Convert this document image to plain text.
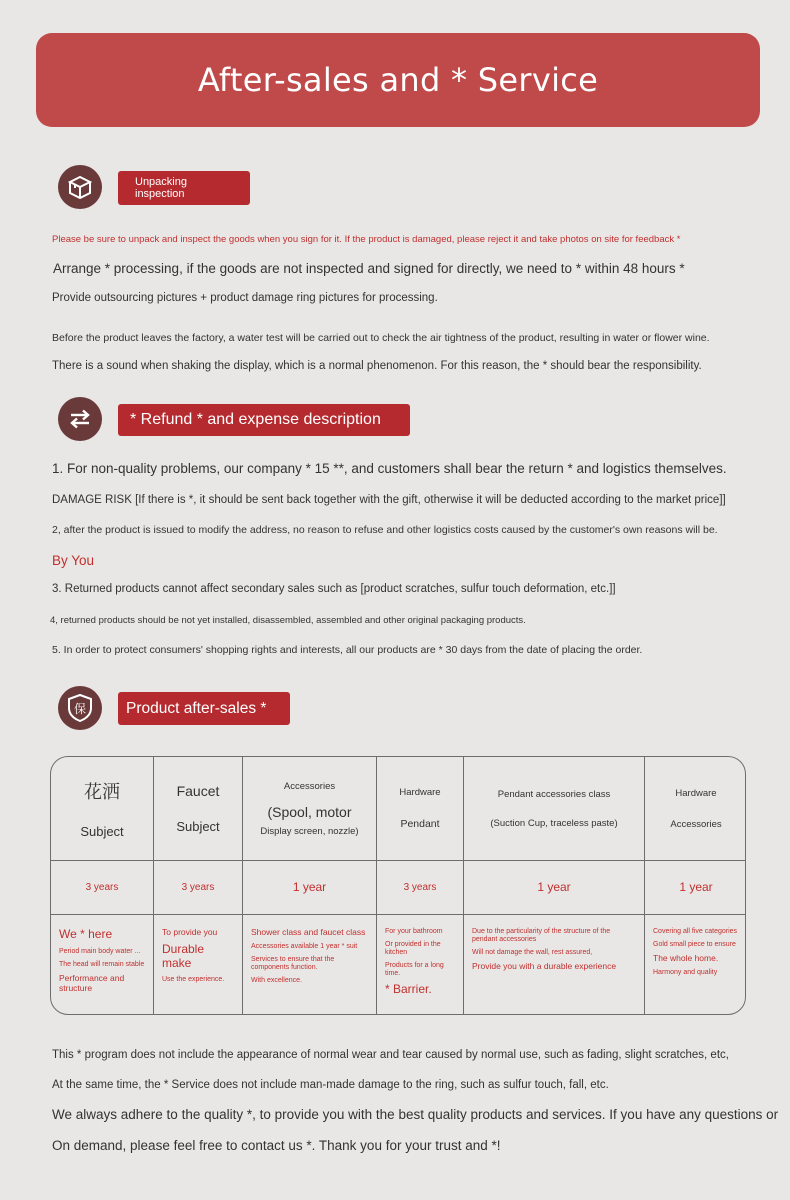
After-sales and * Service
Unpacking
inspection
Please be sure to unpack and inspect the goods when you sign for it. If the product is damaged, please reject it and take photos on site for feedback *
Arrange * processing, if the goods are not inspected and signed for directly, we need to * within 48 hours *
Provide outsourcing pictures + product damage ring pictures for processing.
Before the product leaves the factory, a water test will be carried out to check the air tightness of the product, resulting in water or flower wine.
There is a sound when shaking the display, which is a normal phenomenon. For this reason, the * should bear the responsibility.
* Refund * and expense description
1. For non-quality problems, our company * 15 **, and customers shall bear the return * and logistics themselves.
DAMAGE RISK [If there is *, it should be sent back together with the gift, otherwise it will be deducted according to the market price]]
2, after the product is issued to modify the address, no reason to refuse and other logistics costs caused by the customer's own reasons will be.
By You
3. Returned products cannot affect secondary sales such as [product scratches, sulfur touch deformation, etc.]]
4, returned products should be not yet installed, disassembled, assembled and other original packaging products.
5. In order to protect consumers' shopping rights and interests, all our products are * 30 days from the date of placing the order.
保	Product after-sales *
花洒
Subject
3 years
We * here
Period main body water ...
The head will remain stable
Performance and structure
Faucet
Subject
3 years
To provide you
Durable make
Use the experience.
Accessories
(Spool, motor
Display screen, nozzle)
1 year
Shower class and faucet class
Accessories available 1 year * suit
Services to ensure that the components function.
With excellence.
Hardware
Pendant
3 years
For your bathroom
Or provided in the kitchen
Products for a long time.
* Barrier.
Pendant accessories class
(Suction Cup, traceless paste)
1 year
Due to the particularity of the structure of the pendant accessories
Will not damage the wall, rest assured,
Provide you with a durable experience
Hardware
Accessories
1 year
Covering all five categories
Gold small piece to ensure
The whole home.
Harmony and quality
This * program does not include the appearance of normal wear and tear caused by normal use, such as fading, slight scratches, etc,
At the same time, the * Service does not include man-made damage to the ring, such as sulfur touch, fall, etc.
We always adhere to the quality *, to provide you with the best quality products and services. If you have any questions or
On demand, please feel free to contact us *. Thank you for your trust and *!
